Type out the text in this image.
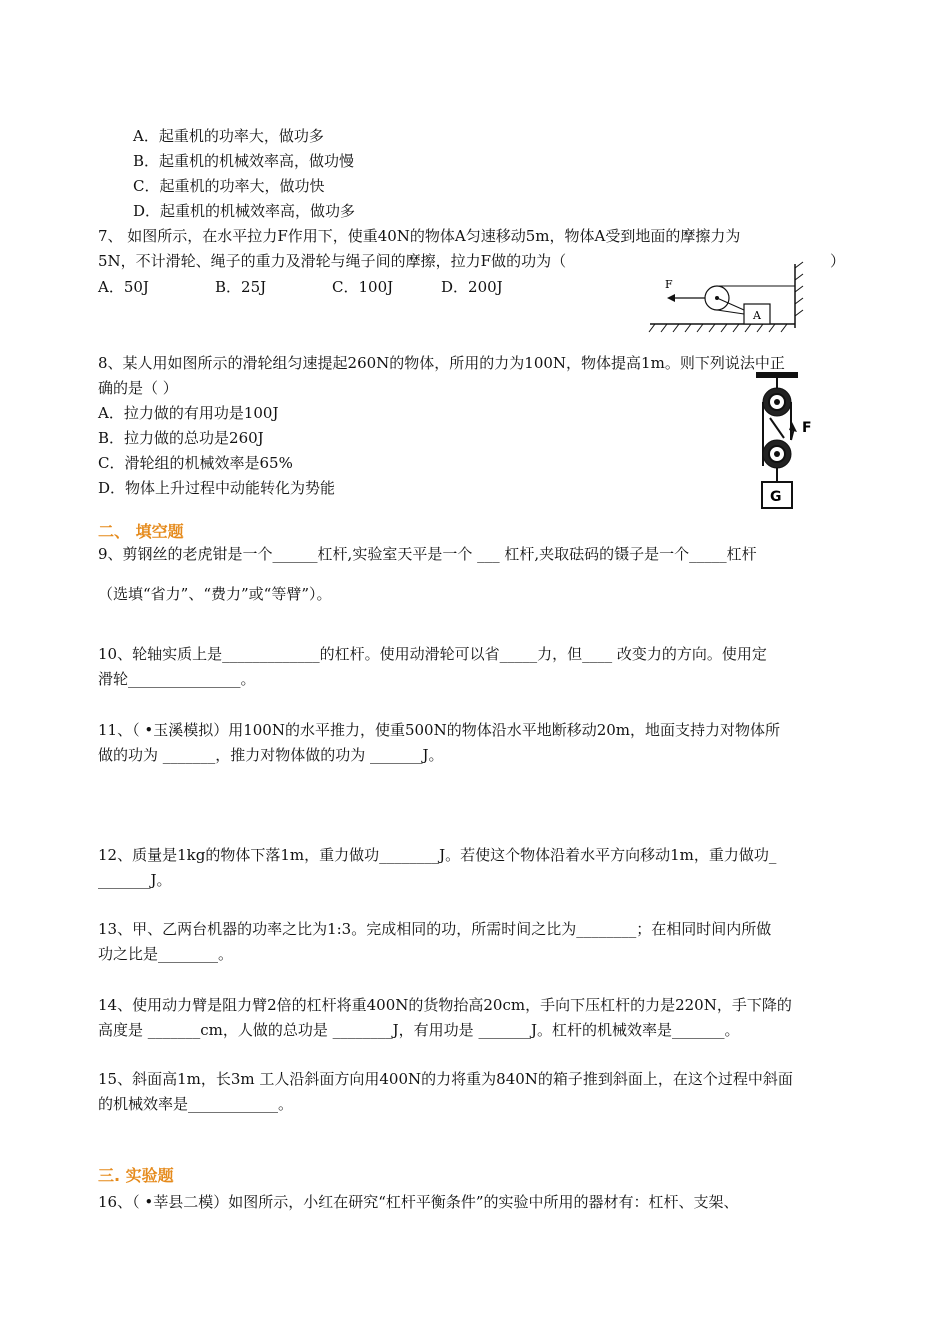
A．起重机的功率大，做功多
B．起重机的机械效率高，做功慢
C．起重机的功率大，做功快
D．起重机的机械效率高，做功多
7、 如图所示，在水平拉力F作用下，使重40N的物体A匀速移动5m，物体A受到地面的摩擦力为
5N，不计滑轮、绳子的重力及滑轮与绳子间的摩擦，拉力F做的功为（	）
A．50J	B．25J	C．100J	D．200J
A
F
8、某人用如图所示的滑轮组匀速提起260N的物体，所用的力为100N，物体提高1m。则下列说法中正
确的是（ ）
A．拉力做的有用功是100J
B．拉力做的总功是260J
C．滑轮组的机械效率是65%
D．物体上升过程中动能转化为势能	G
F
二、 填空题
9、剪钢丝的老虎钳是一个______杠杆,实验室天平是一个 ___ 杠杆,夹取砝码的镊子是一个_____杠杆
（选填“省力”、“费力”或“等臂”）。
10、轮轴实质上是_____________的杠杆。使用动滑轮可以省_____力，但____ 改变力的方向。使用定
滑轮_______________。
11、（ •玉溪模拟）用100N的水平推力，使重500N的物体沿水平地断移动20m，地面支持力对物体所
做的功为 _______，推力对物体做的功为 _______J。
12、质量是1kg的物体下落1m，重力做功________J。若使这个物体沿着水平方向移动1m，重力做功_
_______J。
13、甲、乙两台机器的功率之比为1:3。完成相同的功，所需时间之比为________；在相同时间内所做
功之比是________。
14、使用动力臂是阻力臂2倍的杠杆将重400N的货物抬高20cm，手向下压杠杆的力是220N，手下降的
高度是 _______cm，人做的总功是 ________J，有用功是 _______J。杠杆的机械效率是_______。
15、斜面高1m，长3m 工人沿斜面方向用400N的力将重为840N的箱子推到斜面上，在这个过程中斜面
的机械效率是____________。
三. 实验题
16、（ •莘县二模）如图所示，小红在研究“杠杆平衡条件”的实验中所用的器材有：杠杆、支架、
